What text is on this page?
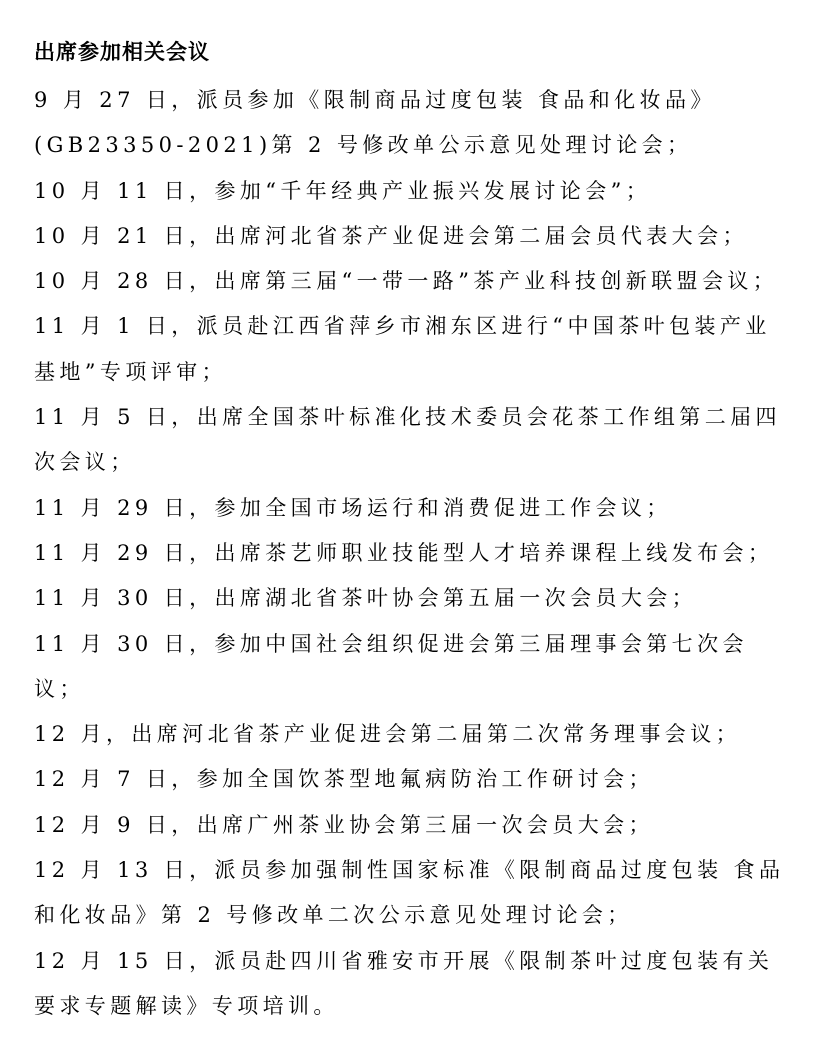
出席参加相关会议
9 月 27 日，派员参加《限制商品过度包装 食品和化妆品》(GB23350-2021)第 2 号修改单公示意见处理讨论会；
10 月 11 日，参加“千年经典产业振兴发展讨论会”；
10 月 21 日，出席河北省茶产业促进会第二届会员代表大会；
10 月 28 日，出席第三届“一带一路”茶产业科技创新联盟会议；
11 月 1 日，派员赴江西省萍乡市湘东区进行“中国茶叶包装产业基地”专项评审；
11 月 5 日，出席全国茶叶标准化技术委员会花茶工作组第二届四次会议；
11 月 29 日，参加全国市场运行和消费促进工作会议；
11 月 29 日，出席茶艺师职业技能型人才培养课程上线发布会；
11 月 30 日，出席湖北省茶叶协会第五届一次会员大会；
11 月 30 日，参加中国社会组织促进会第三届理事会第七次会议；
12 月，出席河北省茶产业促进会第二届第二次常务理事会议；
12 月 7 日，参加全国饮茶型地氟病防治工作研讨会；
12 月 9 日，出席广州茶业协会第三届一次会员大会；
12 月 13 日，派员参加强制性国家标准《限制商品过度包装 食品和化妆品》第 2 号修改单二次公示意见处理讨论会；
12 月 15 日，派员赴四川省雅安市开展《限制茶叶过度包装有关要求专题解读》专项培训。
